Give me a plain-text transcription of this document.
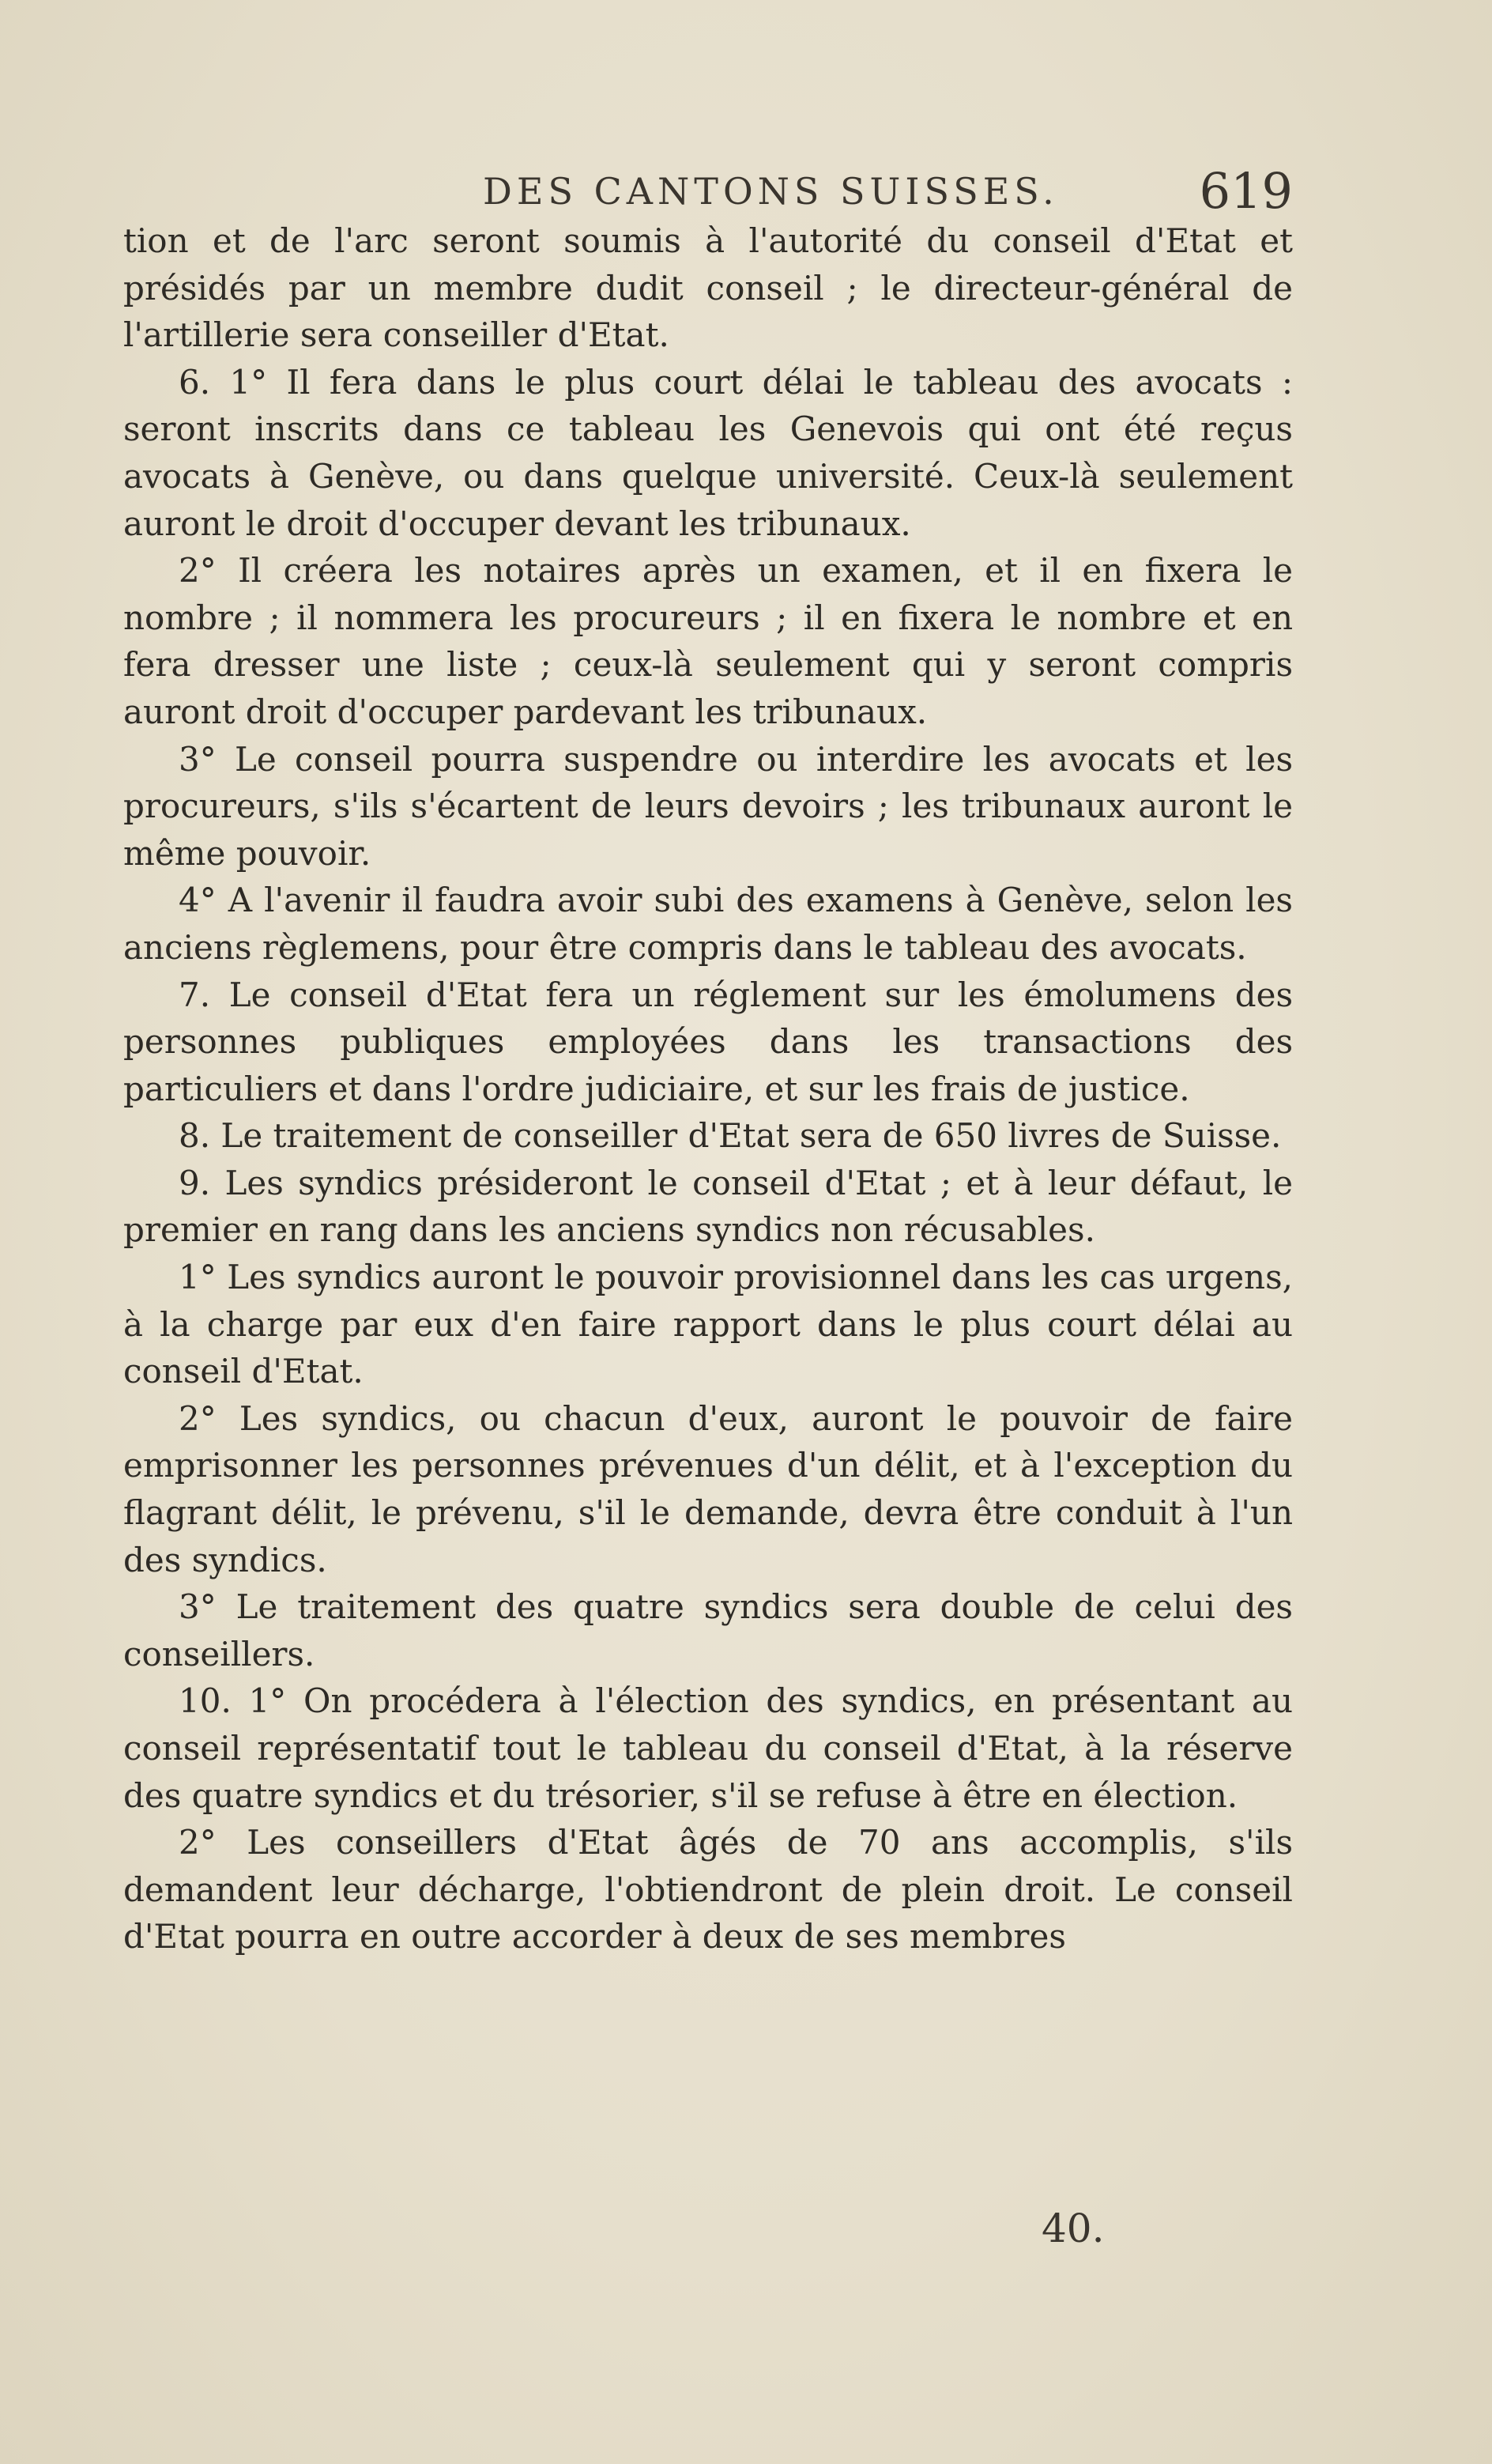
DES CANTONS SUISSES.	619

tion et de l'arc seront soumis à l'autorité du conseil d'Etat et présidés par un membre dudit conseil ; le directeur-général de l'artillerie sera conseiller d'Etat.

6. 1° Il fera dans le plus court délai le tableau des avocats : seront inscrits dans ce tableau les Genevois qui ont été reçus avocats à Genève, ou dans quelque université. Ceux-là seulement auront le droit d'occuper devant les tribunaux.

2° Il créera les notaires après un examen, et il en fixera le nombre ; il nommera les procureurs ; il en fixera le nombre et en fera dresser une liste ; ceux-là seulement qui y seront compris auront droit d'occuper pardevant les tribunaux.

3° Le conseil pourra suspendre ou interdire les avocats et les procureurs, s'ils s'écartent de leurs devoirs ; les tribunaux auront le même pouvoir.

4° A l'avenir il faudra avoir subi des examens à Genève, selon les anciens règlemens, pour être compris dans le tableau des avocats.

7. Le conseil d'Etat fera un réglement sur les émolumens des personnes publiques employées dans les transactions des particuliers et dans l'ordre judiciaire, et sur les frais de justice.

8. Le traitement de conseiller d'Etat sera de 650 livres de Suisse.

9. Les syndics présideront le conseil d'Etat ; et à leur défaut, le premier en rang dans les anciens syndics non récusables.

1° Les syndics auront le pouvoir provisionnel dans les cas urgens, à la charge par eux d'en faire rapport dans le plus court délai au conseil d'Etat.

2° Les syndics, ou chacun d'eux, auront le pouvoir de faire emprisonner les personnes prévenues d'un délit, et à l'exception du flagrant délit, le prévenu, s'il le demande, devra être conduit à l'un des syndics.

3° Le traitement des quatre syndics sera double de celui des conseillers.

10. 1° On procédera à l'élection des syndics, en présentant au conseil représentatif tout le tableau du conseil d'Etat, à la réserve des quatre syndics et du trésorier, s'il se refuse à être en élection.

2° Les conseillers d'Etat âgés de 70 ans accomplis, s'ils demandent leur décharge, l'obtiendront de plein droit. Le conseil d'Etat pourra en outre accorder à deux de ses membres

40.
